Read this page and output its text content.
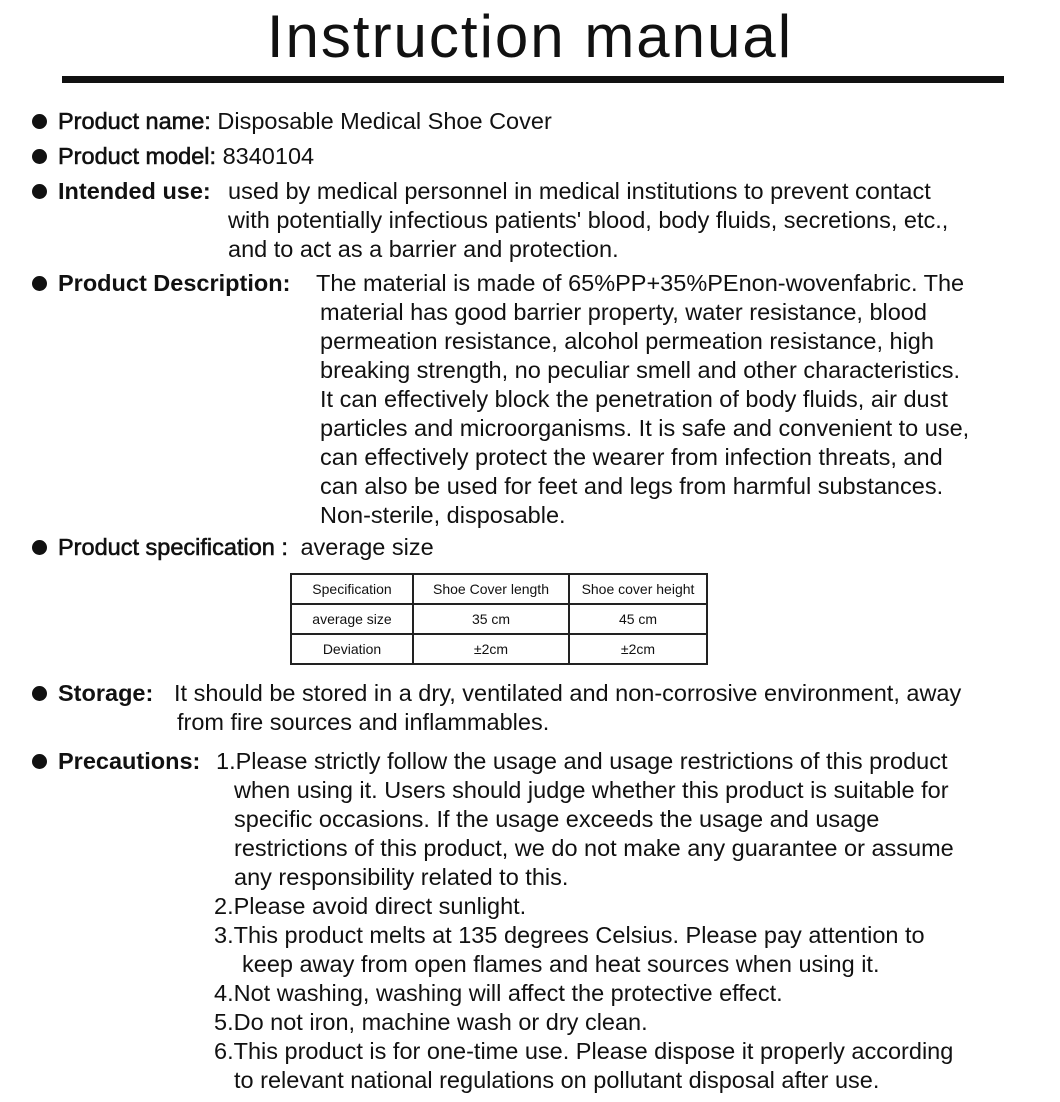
Instruction manual
Product name: Disposable Medical Shoe Cover
Product model: 8340104
Intended use: used by medical personnel in medical institutions to prevent contact
with potentially infectious patients' blood, body fluids, secretions, etc.,
and to act as a barrier and protection.
Product Description: The material is made of 65%PP+35%PEnon-wovenfabric. The
material has good barrier property, water resistance, blood
permeation resistance, alcohol permeation resistance, high
breaking strength, no peculiar smell and other characteristics.
It can effectively block the penetration of body fluids, air dust
particles and microorganisms. It is safe and convenient to use,
can effectively protect the wearer from infection threats, and
can also be used for feet and legs from harmful substances.
Non-sterile, disposable.
Product specification : average size
Specification	Shoe Cover length	Shoe cover height
average size	35 cm	45 cm
Deviation	±2cm	±2cm
Storage: It should be stored in a dry, ventilated and non-corrosive environment, away
from fire sources and inflammables.
Precautions: 1.Please strictly follow the usage and usage restrictions of this product
when using it. Users should judge whether this product is suitable for
specific occasions. If the usage exceeds the usage and usage
restrictions of this product, we do not make any guarantee or assume
any responsibility related to this.
2.Please avoid direct sunlight.
3.This product melts at 135 degrees Celsius. Please pay attention to
keep away from open flames and heat sources when using it.
4.Not washing, washing will affect the protective effect.
5.Do not iron, machine wash or dry clean.
6.This product is for one-time use. Please dispose it properly according
to relevant national regulations on pollutant disposal after use.
